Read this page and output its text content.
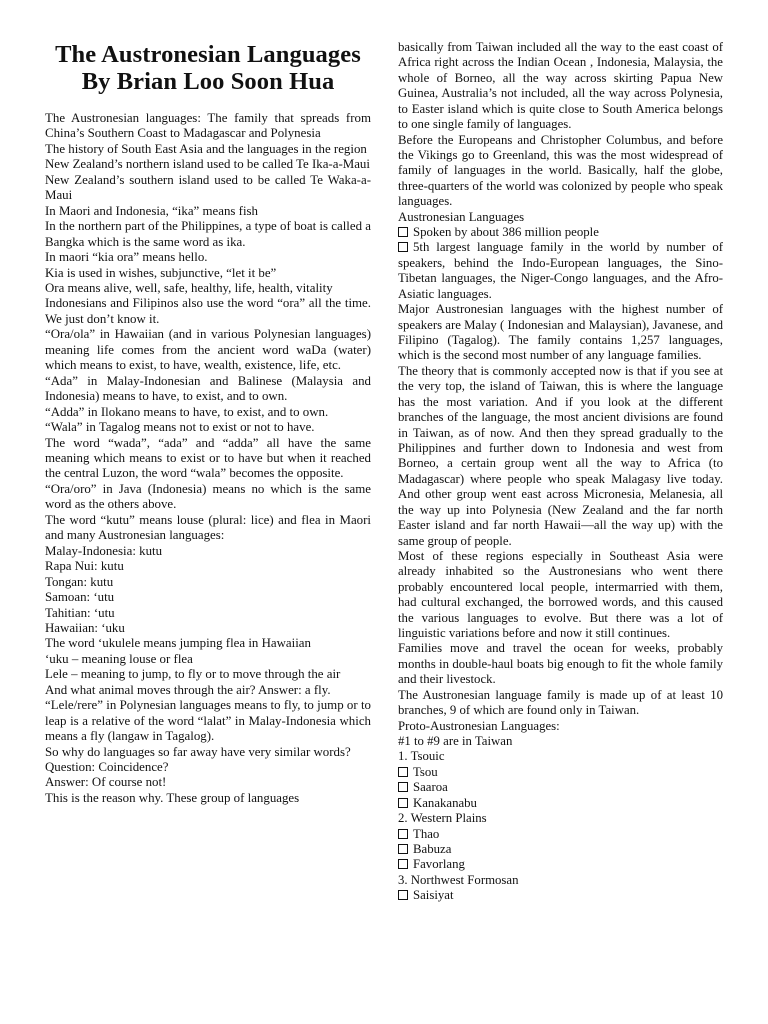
The Austronesian Languages By Brian Loo Soon Hua

The Austronesian languages: The family that spreads from China’s Southern Coast to Madagascar and Polynesia

The history of South East Asia and the languages in the region

New Zealand’s northern island used to be called Te Ika-a-Maui

New Zealand’s southern island used to be called Te Waka-a-Maui

In Maori and Indonesia, “ika” means fish

In the northern part of the Philippines, a type of boat is called a Bangka which is the same word as ika.

In maori “kia ora” means hello.

Kia is used in wishes, subjunctive, “let it be”

Ora means alive, well, safe, healthy, life, health, vitality

Indonesians and Filipinos also use the word “ora” all the time. We just don’t know it.

“Ora/ola” in Hawaiian (and in various Polynesian languages) meaning life comes from the ancient word waDa (water) which means to exist, to have, wealth, existence, life, etc.

“Ada” in Malay-Indonesian and Balinese (Malaysia and Indonesia) means to have, to exist, and to own.

“Adda” in Ilokano means to have, to exist, and to own.

“Wala” in Tagalog means not to exist or not to have.

The word “wada”, “ada” and “adda” all have the same meaning which means to exist or to have but when it reached the central Luzon, the word “wala” becomes the opposite.

“Ora/oro” in Java (Indonesia) means no which is the same word as the others above.

The word “kutu” means louse (plural: lice) and flea in Maori and many Austronesian languages:

Malay-Indonesia: kutu

Rapa Nui: kutu

Tongan: kutu

Samoan: ‘utu

Tahitian: ‘utu

Hawaiian: ‘uku

The word ‘ukulele means jumping flea in Hawaiian

‘uku – meaning louse or flea

Lele – meaning to jump, to fly or to move through the air

And what animal moves through the air? Answer: a fly.

“Lele/rere” in Polynesian languages means to fly, to jump or to leap is a relative of the word “lalat” in Malay-Indonesia which means a fly (langaw in Tagalog).

So why do languages so far away have very similar words?

Question: Coincidence?

Answer: Of course not!

This is the reason why. These group of languages

basically from Taiwan included all the way to the east coast of Africa right across the Indian Ocean , Indonesia, Malaysia, the whole of Borneo, all the way across skirting Papua New Guinea, Australia’s not included, all the way across Polynesia, to Easter island which is quite close to South America belongs to one single family of languages.

Before the Europeans and Christopher Columbus, and before the Vikings go to Greenland, this was the most widespread of family of languages in the world. Basically, half the globe, three-quarters of the world was colonized by people who speak languages.

Austronesian Languages

Spoken by about 386 million people

5th largest language family in the world by number of speakers, behind the Indo-European languages, the Sino-Tibetan languages, the Niger-Congo languages, and the Afro-Asiatic languages.

Major Austronesian languages with the highest number of speakers are Malay ( Indonesian and Malaysian), Javanese, and Filipino (Tagalog). The family contains 1,257 languages, which is the second most number of any language families.

The theory that is commonly accepted now is that if you see at the very top, the island of Taiwan, this is where the language has the most variation. And if you look at the different branches of the language, the most ancient divisions are found in Taiwan, as of now. And then they spread gradually to the Philippines and further down to Indonesia and west from Borneo, a certain group went all the way to Africa (to Madagascar) where people who speak Malagasy live today. And other group went east across Micronesia, Melanesia, all the way up into Polynesia (New Zealand and the far north Easter island and far north Hawaii—all the way up) with the same group of people.

Most of these regions especially in Southeast Asia were already inhabited so the Austronesians who went there probably encountered local people, intermarried with them, had cultural exchanged, the borrowed words, and this caused the various languages to evolve. But there was a lot of linguistic variations before and now it still continues.

Families move and travel the ocean for weeks, probably months in double-haul boats big enough to fit the whole family and their livestock.

The Austronesian language family is made up of at least 10 branches, 9 of which are found only in Taiwan.

Proto-Austronesian Languages:

#1 to #9 are in Taiwan

1. Tsouic

Tsou

Saaroa

Kanakanabu

2. Western Plains

Thao

Babuza

Favorlang

3. Northwest Formosan

Saisiyat
